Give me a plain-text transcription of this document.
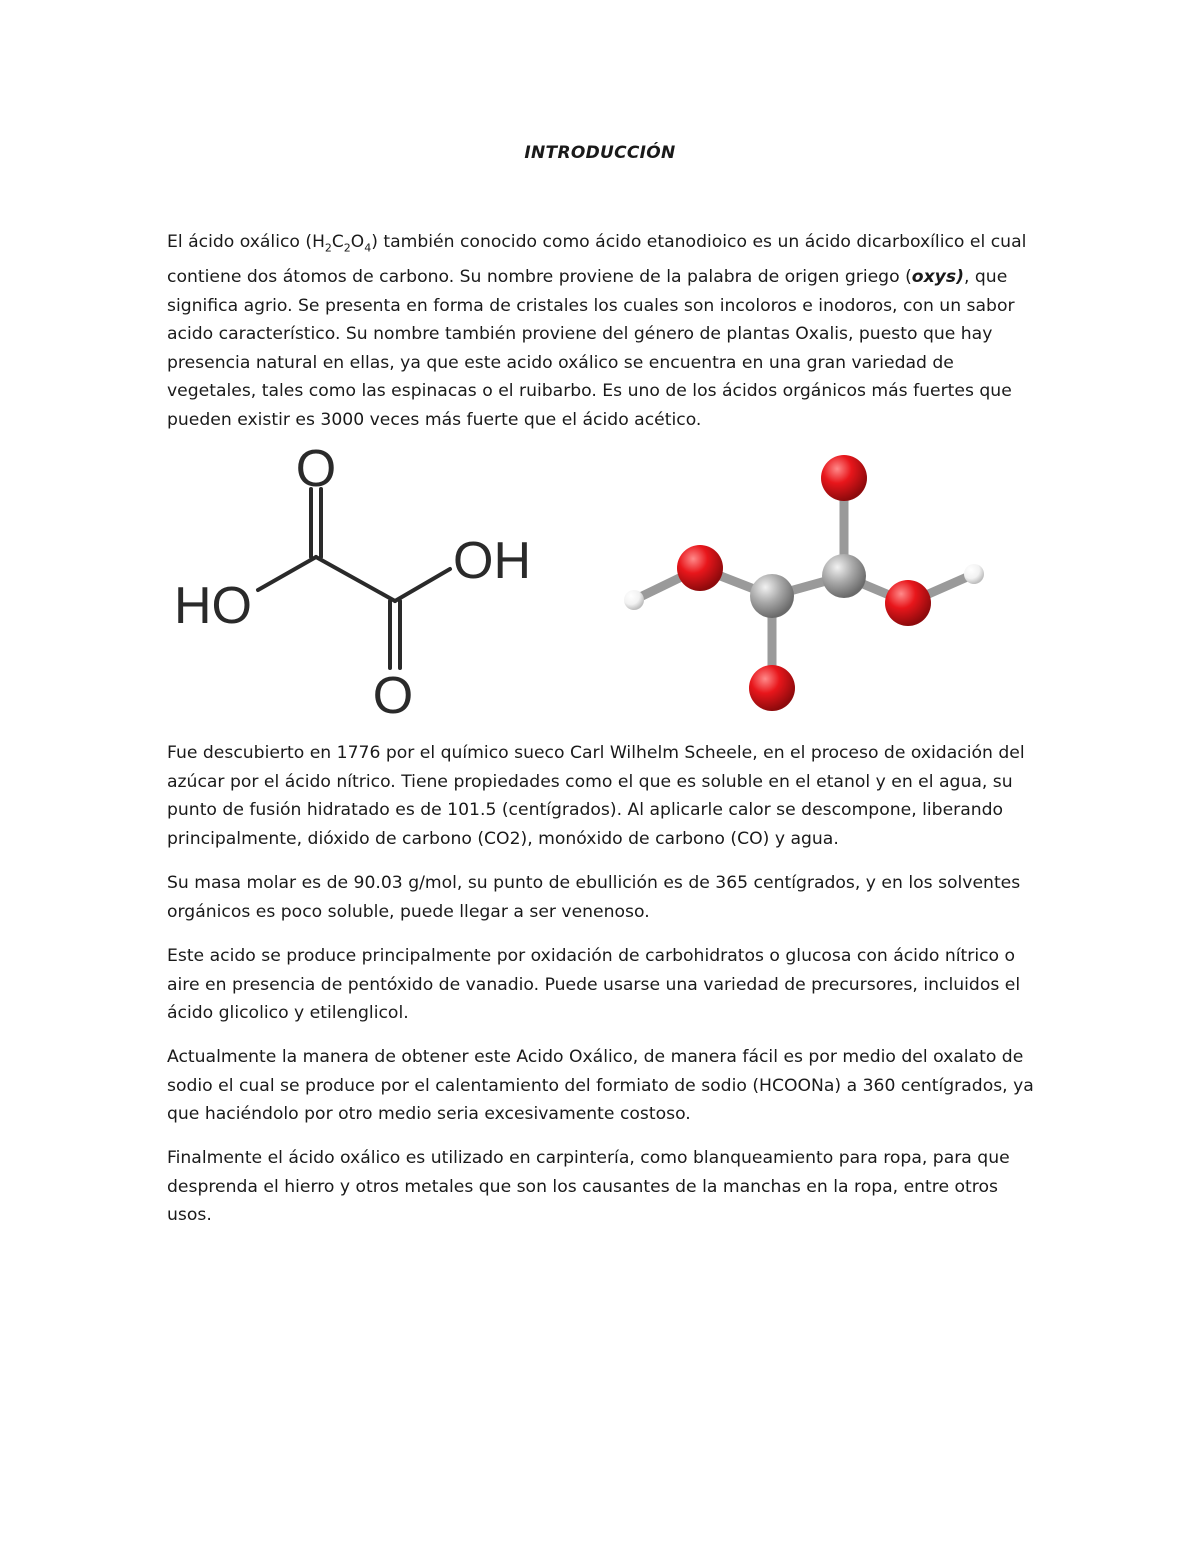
INTRODUCCIÓN

El ácido oxálico $(H_2C_2O_4)$ también conocido como ácido etanodioico es un ácido dicarboxílico el cual contiene dos átomos de carbono. Su nombre proviene de la palabra de origen griego (oxys), que significa agrio. Se presenta en forma de cristales los cuales son incoloros e inodoros, con un sabor acido característico. Su nombre también proviene del género de plantas Oxalis, puesto que hay presencia natural en ellas, ya que este acido oxálico se encuentra en una gran variedad de vegetales, tales como las espinacas o el ruibarbo. Es uno de los ácidos orgánicos más fuertes que pueden existir es 3000 veces más fuerte que el ácido acético.

O
OH
HO
O

Fue descubierto en 1776 por el químico sueco Carl Wilhelm Scheele, en el proceso de oxidación del azúcar por el ácido nítrico. Tiene propiedades como el que es soluble en el etanol y en el agua, su punto de fusión hidratado es de 101.5 (centígrados). Al aplicarle calor se descompone, liberando principalmente, dióxido de carbono (CO2), monóxido de carbono (CO) y agua.

Su masa molar es de 90.03 g/mol, su punto de ebullición es de 365 centígrados, y en los solventes orgánicos es poco soluble, puede llegar a ser venenoso.

Este acido se produce principalmente por oxidación de carbohidratos o glucosa con ácido nítrico o aire en presencia de pentóxido de vanadio. Puede usarse una variedad de precursores, incluidos el ácido glicolico y etilenglicol.

Actualmente la manera de obtener este Acido Oxálico, de manera fácil es por medio del oxalato de sodio el cual se produce por el calentamiento del formiato de sodio (HCOONa) a 360 centígrados, ya que haciéndolo por otro medio seria excesivamente costoso.

Finalmente el ácido oxálico es utilizado en carpintería, como blanqueamiento para ropa, para que desprenda el hierro y otros metales que son los causantes de la manchas en la ropa, entre otros usos.
